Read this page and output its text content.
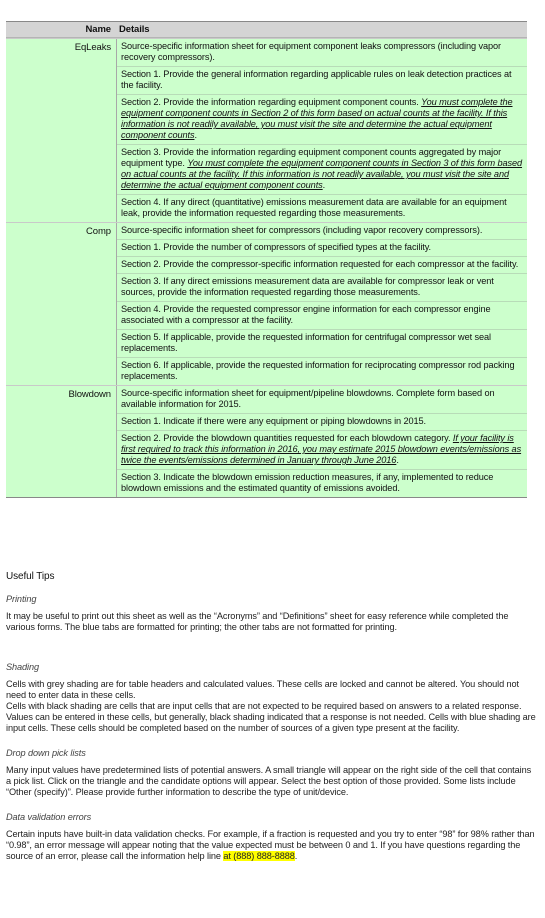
Name Details
EqLeaks	Source-specific information sheet for equipment component leaks compressors (including vapor recovery compressors).
Section 1. Provide the general information regarding applicable rules on leak detection practices at the facility.
Section 2. Provide the information regarding equipment component counts. You must complete the equipment component counts in Section 2 of this form based on actual counts at the facility. If this information is not readily available, you must visit the site and determine the actual equipment component counts.
Section 3. Provide the information regarding equipment component counts aggregated by major equipment type. You must complete the equipment component counts in Section 3 of this form based on actual counts at the facility. If this information is not readily available, you must visit the site and determine the actual equipment component counts.
Section 4. If any direct (quantitative) emissions measurement data are available for an equipment leak, provide the information requested regarding those measurements.
Comp	Source-specific information sheet for compressors (including vapor recovery compressors).
Section 1. Provide the number of compressors of specified types at the facility.
Section 2. Provide the compressor-specific information requested for each compressor at the facility.
Section 3. If any direct emissions measurement data are available for compressor leak or vent sources, provide the information requested regarding those measurements.
Section 4. Provide the requested compressor engine information for each compressor engine associated with a compressor at the facility.
Section 5. If applicable, provide the requested information for centrifugal compressor wet seal replacements.
Section 6. If applicable, provide the requested information for reciprocating compressor rod packing replacements.
Blowdown	Source-specific information sheet for equipment/pipeline blowdowns. Complete form based on available information for 2015.
Section 1. Indicate if there were any equipment or piping blowdowns in 2015.
Section 2. Provide the blowdown quantities requested for each blowdown category. If your facility is first required to track this information in 2016, you may estimate 2015 blowdown events/emissions as twice the events/emissions determined in January through June 2016.
Section 3. Indicate the blowdown emission reduction measures, if any, implemented to reduce blowdown emissions and the estimated quantity of emissions avoided.
Useful Tips
Printing
It may be useful to print out this sheet as well as the “Acronyms” and “Definitions” sheet for easy reference while completed the various forms. The blue tabs are formatted for printing; the other tabs are not formatted for printing.
Shading
Cells with grey shading are for table headers and calculated values. These cells are locked and cannot be altered. You should not need to enter data in these cells.
Cells with black shading are cells that are input cells that are not expected to be required based on answers to a related response. Values can be entered in these cells, but generally, black shading indicated that a response is not needed. Cells with blue shading are input cells. These cells should be completed based on the number of sources of a given type present at the facility.
Drop down pick lists
Many input values have predetermined lists of potential answers. A small triangle will appear on the right side of the cell that contains a pick list. Click on the triangle and the candidate options will appear. Select the best option of those provided. Some lists include “Other (specify)”. Please provide further information to describe the type of unit/device.
Data validation errors
Certain inputs have built-in data validation checks. For example, if a fraction is requested and you try to enter “98” for 98% rather than “0.98”, an error message will appear noting that the value expected must be between 0 and 1. If you have questions regarding the source of an error, please call the information help line at (888) 888-8888.
